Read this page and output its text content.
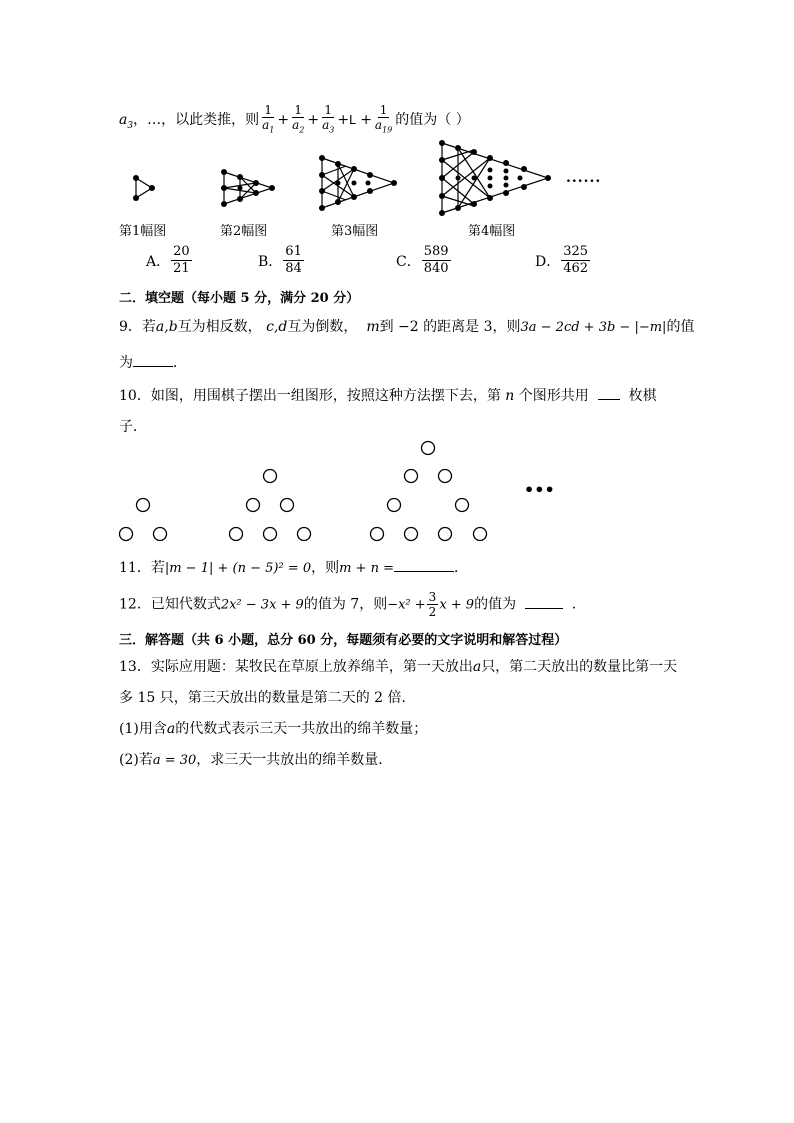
$a_3$，…，以此类推，则 $\frac{1}{a_1} + \frac{1}{a_2} + \frac{1}{a_3} +L + \frac{1}{a_{19}}$ 的值为（ ）
......
第1幅图	第2幅图	第3幅图	第4幅图
A． $\frac{20}{21}$	B． $\frac{61}{84}$	C． $\frac{589}{840}$	D． $\frac{325}{462}$
二．填空题（每小题 5 分，满分 20 分）
9．若a,b互为相反数， c,d互为倒数， m到 −2 的距离是 3，则3a − 2cd + 3b − |−m|的值
为	．
10．如图，用围棋子摆出一组图形，按照这种方法摆下去，第 n 个图形共用	枚棋
子．
•••
11．若|m − 1| + (n − 5)² = 0，则m + n =	．
12．已知代数式2x² − 3x + 9的值为 7，则$-x^2 + \frac{3}{2}$ x + 9的值为	．
三．解答题（共 6 小题，总分 60 分，每题须有必要的文字说明和解答过程）
13．实际应用题：某牧民在草原上放养绵羊，第一天放出a只，第二天放出的数量比第一天
多 15 只，第三天放出的数量是第二天的 2 倍．
(1)用含a的代数式表示三天一共放出的绵羊数量；
(2)若a = 30，求三天一共放出的绵羊数量．
